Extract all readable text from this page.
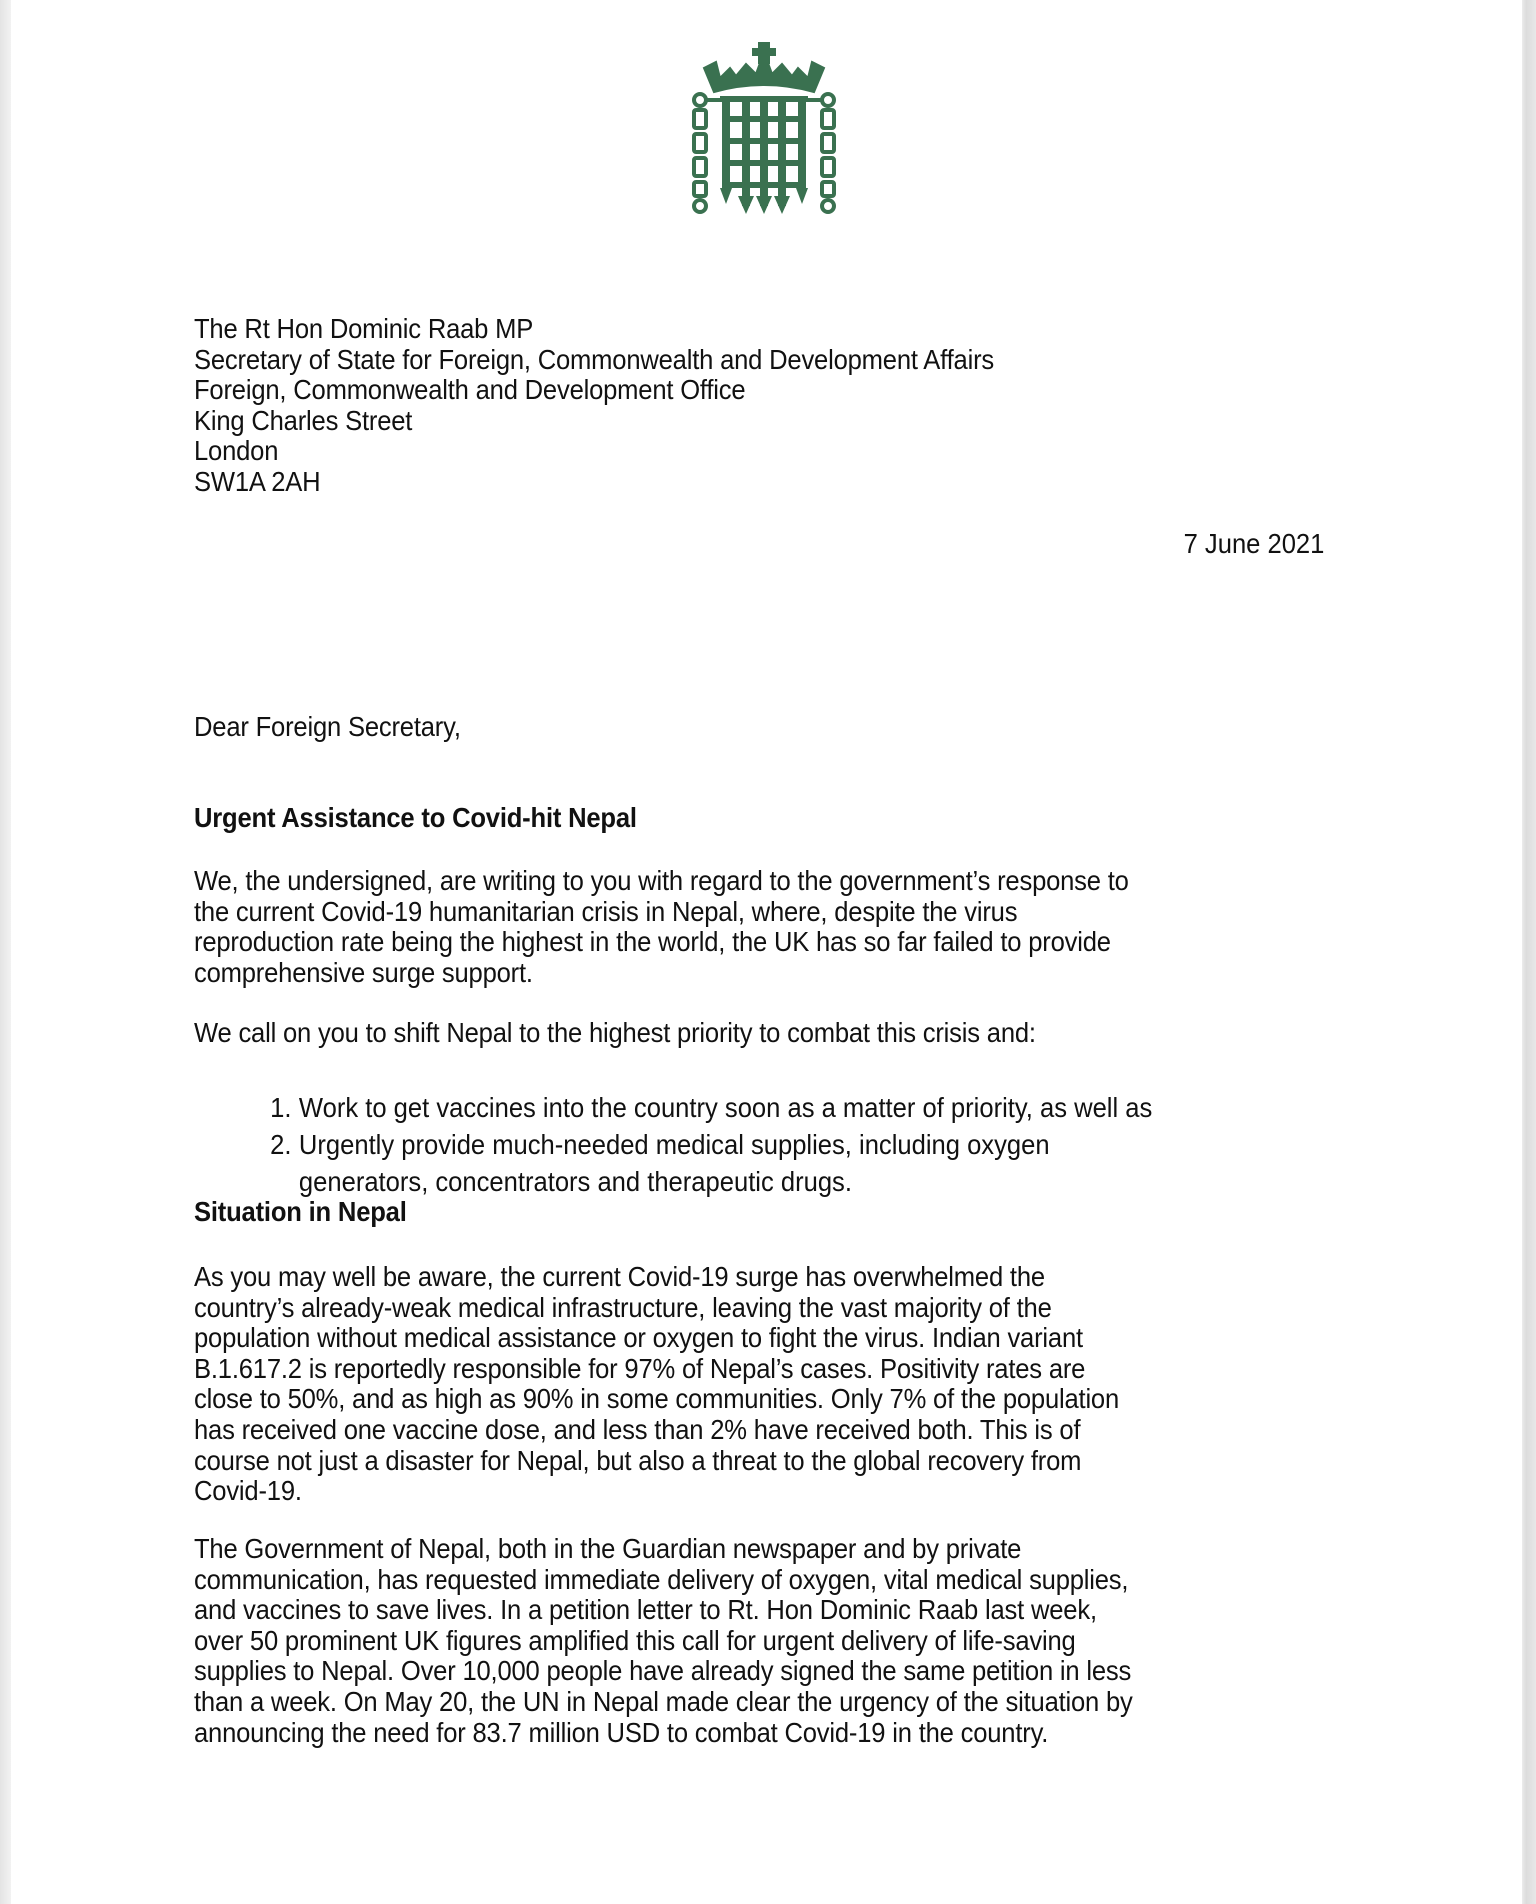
The Rt Hon Dominic Raab MP
Secretary of State for Foreign, Commonwealth and Development Affairs
Foreign, Commonwealth and Development Office
King Charles Street
London
SW1A 2AH
7 June 2021
Dear Foreign Secretary,
Urgent Assistance to Covid-hit Nepal
We, the undersigned, are writing to you with regard to the government’s response to
the current Covid-19 humanitarian crisis in Nepal, where, despite the virus
reproduction rate being the highest in the world, the UK has so far failed to provide
comprehensive surge support.
We call on you to shift Nepal to the highest priority to combat this crisis and:
1. Work to get vaccines into the country soon as a matter of priority, as well as
2. Urgently provide much-needed medical supplies, including oxygen
generators, concentrators and therapeutic drugs.
Situation in Nepal
As you may well be aware, the current Covid-19 surge has overwhelmed the
country’s already-weak medical infrastructure, leaving the vast majority of the
population without medical assistance or oxygen to fight the virus. Indian variant
B.1.617.2 is reportedly responsible for 97% of Nepal’s cases. Positivity rates are
close to 50%, and as high as 90% in some communities. Only 7% of the population
has received one vaccine dose, and less than 2% have received both. This is of
course not just a disaster for Nepal, but also a threat to the global recovery from
Covid-19.
The Government of Nepal, both in the Guardian newspaper and by private
communication, has requested immediate delivery of oxygen, vital medical supplies,
and vaccines to save lives. In a petition letter to Rt. Hon Dominic Raab last week,
over 50 prominent UK figures amplified this call for urgent delivery of life-saving
supplies to Nepal. Over 10,000 people have already signed the same petition in less
than a week. On May 20, the UN in Nepal made clear the urgency of the situation by
announcing the need for 83.7 million USD to combat Covid-19 in the country.
